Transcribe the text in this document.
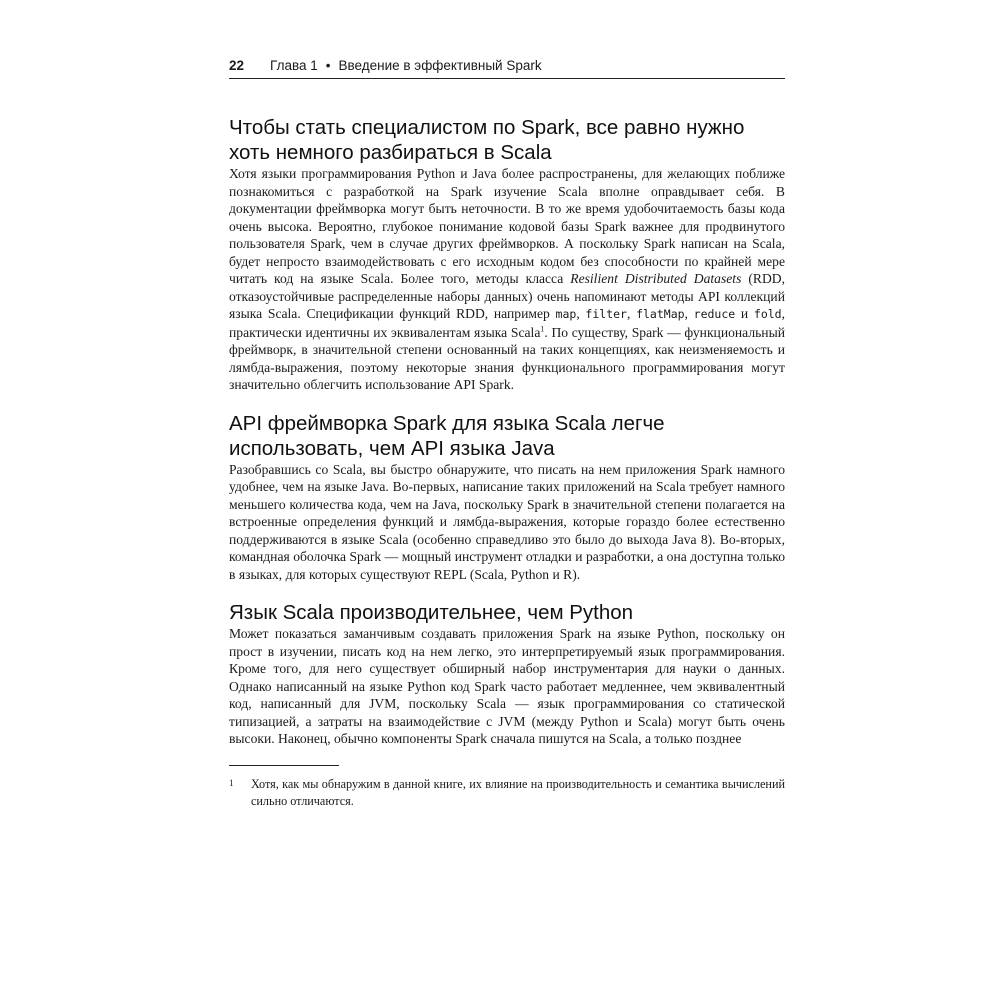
22 Глава 1 • Введение в эффективный Spark
Чтобы стать специалистом по Spark, все равно нужно хоть немного разбираться в Scala

Хотя языки программирования Python и Java более распространены, для желающих поближе познакомиться с разработкой на Spark изучение Scala вполне оправдывает себя. В документации фреймворка могут быть неточности. В то же время удобочитаемость базы кода очень высока. Вероятно, глубокое понимание кодовой базы Spark важнее для продвинутого пользователя Spark, чем в случае других фреймворков. А поскольку Spark написан на Scala, будет непросто взаимодействовать с его исходным кодом без способности по крайней мере читать код на языке Scala. Более того, методы класса Resilient Distributed Datasets (RDD, отказоустойчивые распределенные наборы данных) очень напоминают методы API коллекций языка Scala. Спецификации функций RDD, например map, filter, flatMap, reduce и fold, практически идентичны их эквивалентам языка Scala$^1$. По существу, Spark — функциональный фреймворк, в значительной степени основанный на таких концепциях, как неизменяемость и лямбда-выражения, поэтому некоторые знания функционального программирования могут значительно облегчить использование API Spark.

API фреймворка Spark для языка Scala легче использовать, чем API языка Java

Разобравшись со Scala, вы быстро обнаружите, что писать на нем приложения Spark намного удобнее, чем на языке Java. Во-первых, написание таких приложений на Scala требует намного меньшего количества кода, чем на Java, поскольку Spark в значительной степени полагается на встроенные определения функций и лямбда-выражения, которые гораздо более естественно поддерживаются в языке Scala (особенно справедливо это было до выхода Java 8). Во-вторых, командная оболочка Spark — мощный инструмент отладки и разработки, а она доступна только в языках, для которых существуют REPL (Scala, Python и R).

Язык Scala производительнее, чем Python

Может показаться заманчивым создавать приложения Spark на языке Python, поскольку он прост в изучении, писать код на нем легко, это интерпретируемый язык программирования. Кроме того, для него существует обширный набор инструментария для науки о данных. Однако написанный на языке Python код Spark часто работает медленнее, чем эквивалентный код, написанный для JVM, поскольку Scala — язык программирования со статической типизацией, а затраты на взаимодействие с JVM (между Python и Scala) могут быть очень высоки. Наконец, обычно компоненты Spark сначала пишутся на Scala, а только позднее

1	Хотя, как мы обнаружим в данной книге, их влияние на производительность и семантика вычислений сильно отличаются.
